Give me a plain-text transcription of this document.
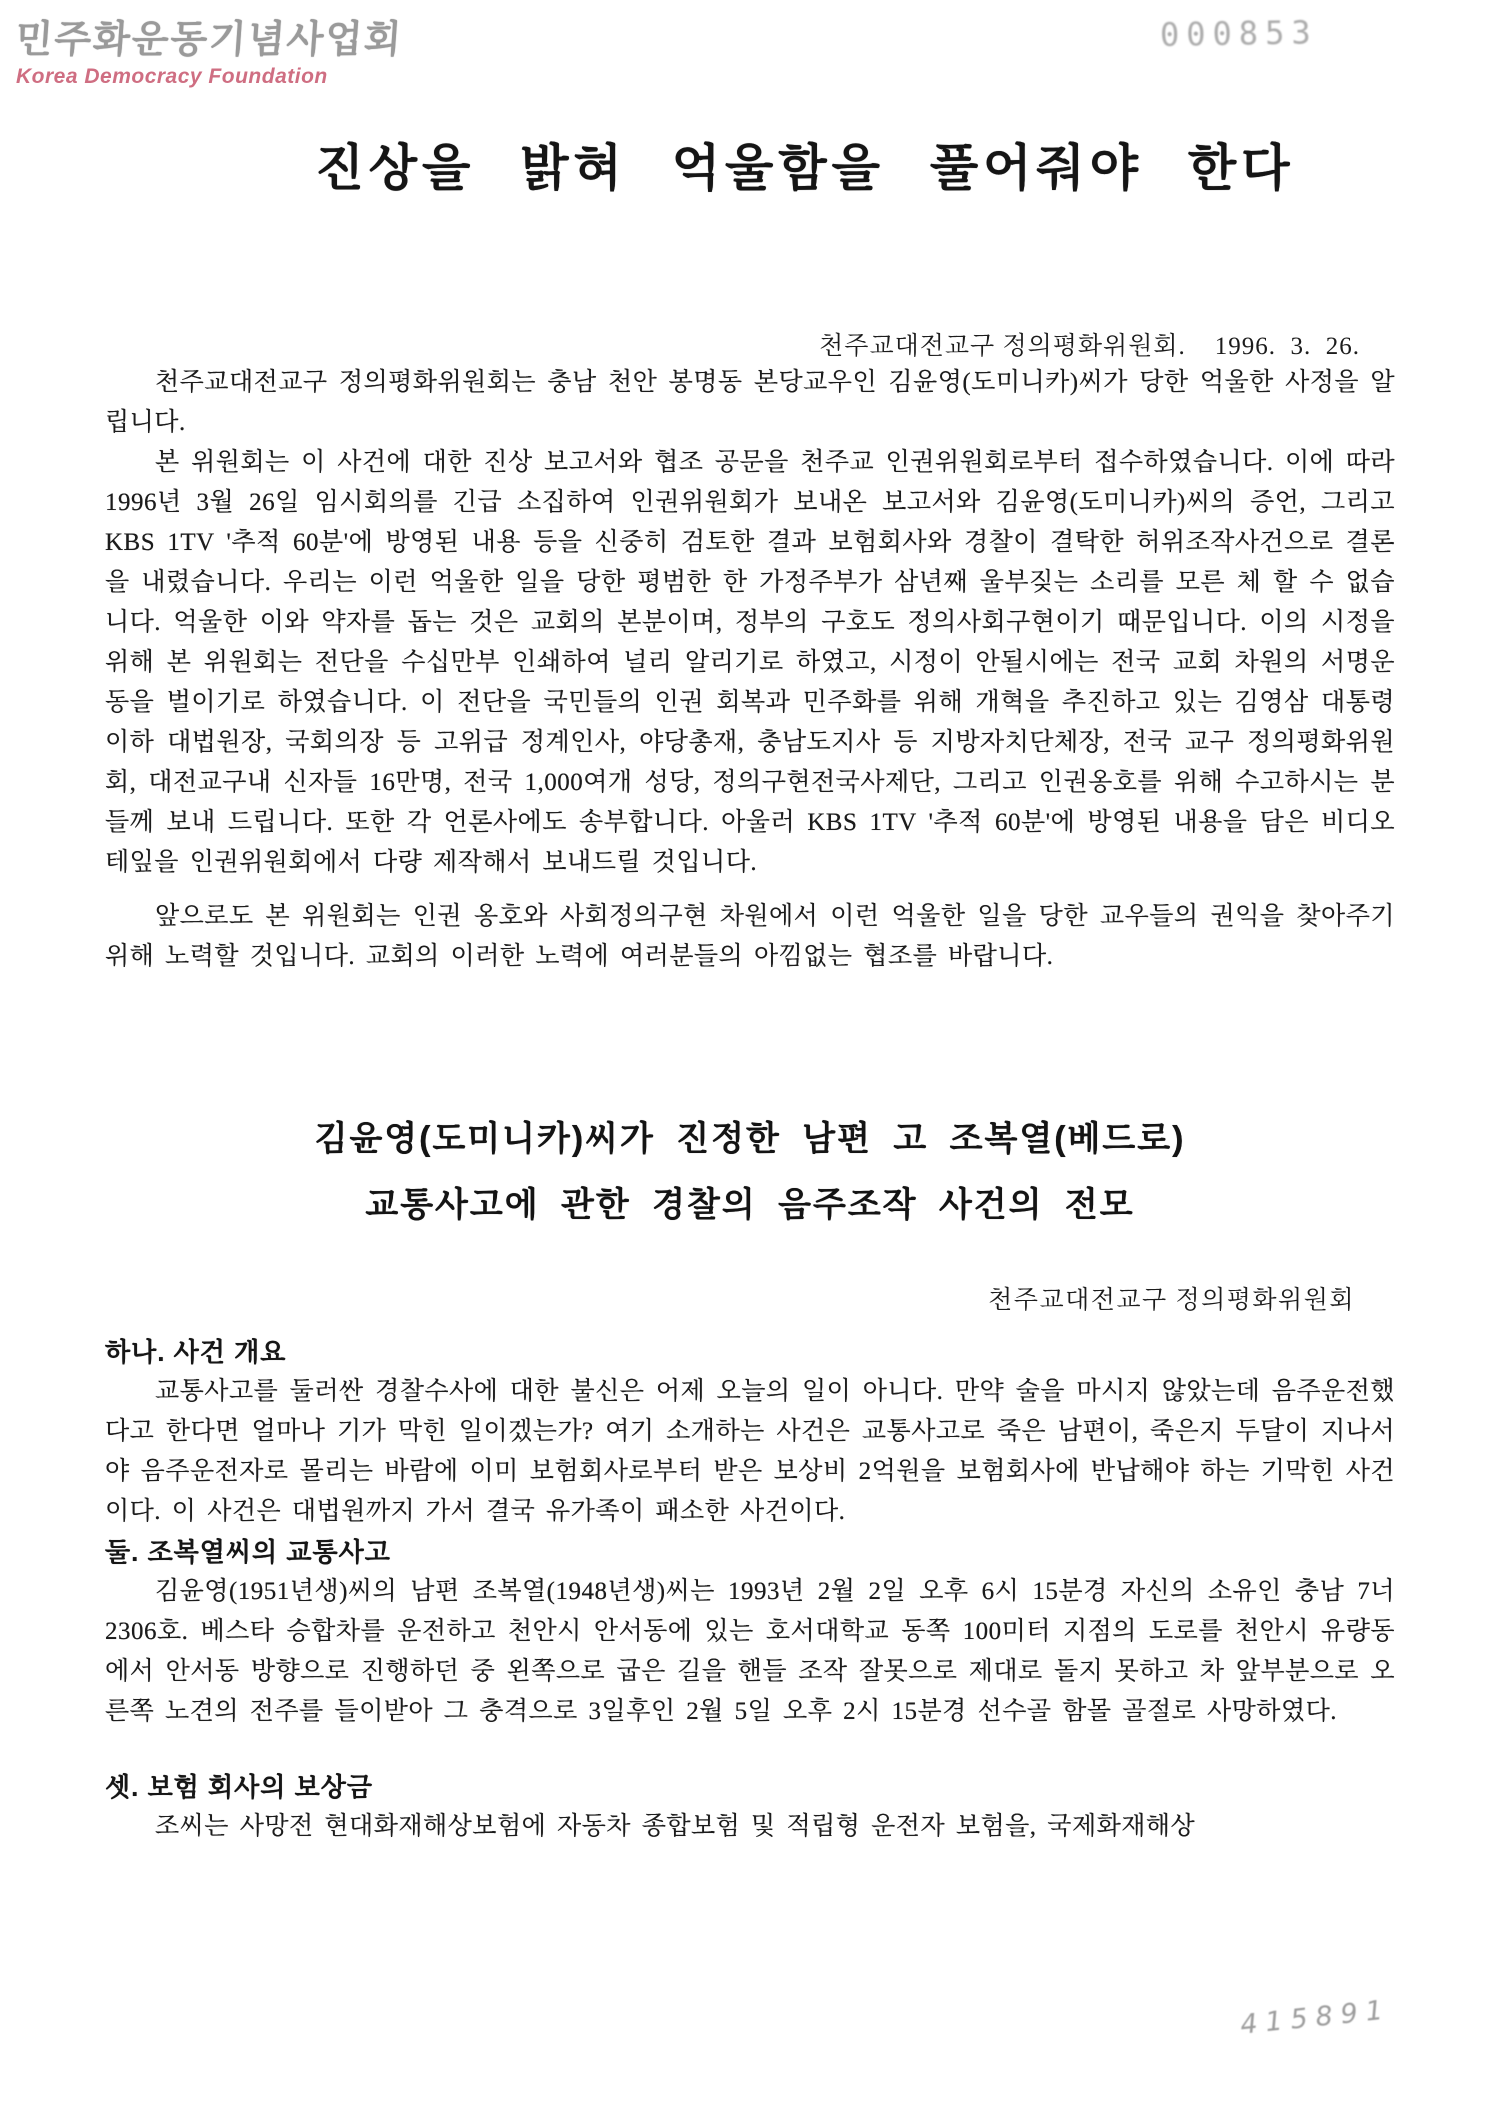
민주화운동기념사업회
Korea Democracy Foundation
000853
진상을 밝혀 억울함을 풀어줘야 한다
천주교대전교구 정의평화위원회.    1996.  3.  26.

천주교대전교구 정의평화위원회는 충남 천안 봉명동 본당교우인 김윤영(도미니카)씨가 당한 억울한 사정을 알립니다.

본 위원회는 이 사건에 대한 진상 보고서와 협조 공문을 천주교 인권위원회로부터 접수하였습니다. 이에 따라 1996년 3월 26일 임시회의를 긴급 소집하여 인권위원회가 보내온 보고서와 김윤영(도미니카)씨의 증언, 그리고 KBS 1TV '추적 60분'에 방영된 내용 등을 신중히 검토한 결과 보험회사와 경찰이 결탁한 허위조작사건으로 결론을 내렸습니다. 우리는 이런 억울한 일을 당한 평범한 한 가정주부가 삼년째 울부짖는 소리를 모른 체 할 수 없습니다. 억울한 이와 약자를 돕는 것은 교회의 본분이며, 정부의 구호도 정의사회구현이기 때문입니다. 이의 시정을 위해 본 위원회는 전단을 수십만부 인쇄하여 널리 알리기로 하였고, 시정이 안될시에는 전국 교회 차원의 서명운동을 벌이기로 하였습니다. 이 전단을 국민들의 인권 회복과 민주화를 위해 개혁을 추진하고 있는 김영삼 대통령 이하 대법원장, 국회의장 등 고위급 정계인사, 야당총재, 충남도지사 등 지방자치단체장, 전국 교구 정의평화위원회, 대전교구내 신자들 16만명, 전국 1,000여개 성당, 정의구현전국사제단, 그리고 인권옹호를 위해 수고하시는 분들께 보내 드립니다. 또한 각 언론사에도 송부합니다. 아울러 KBS 1TV '추적 60분'에 방영된 내용을 담은 비디오테잎을 인권위원회에서 다량 제작해서 보내드릴 것입니다.

앞으로도 본 위원회는 인권 옹호와 사회정의구현 차원에서 이런 억울한 일을 당한 교우들의 권익을 찾아주기 위해 노력할 것입니다. 교회의 이러한 노력에 여러분들의 아낌없는 협조를 바랍니다.

김윤영(도미니카)씨가 진정한 남편 고 조복열(베드로)
교통사고에 관한 경찰의 음주조작 사건의 전모
천주교대전교구 정의평화위원회
하나. 사건 개요

교통사고를 둘러싼 경찰수사에 대한 불신은 어제 오늘의 일이 아니다. 만약 술을 마시지 않았는데 음주운전했다고 한다면 얼마나 기가 막힌 일이겠는가? 여기 소개하는 사건은 교통사고로 죽은 남편이, 죽은지 두달이 지나서야 음주운전자로 몰리는 바람에 이미 보험회사로부터 받은 보상비 2억원을 보험회사에 반납해야 하는 기막힌 사건이다. 이 사건은 대법원까지 가서 결국 유가족이 패소한 사건이다.

둘. 조복열씨의 교통사고

김윤영(1951년생)씨의 남편 조복열(1948년생)씨는 1993년 2월 2일 오후 6시 15분경 자신의 소유인 충남 7너 2306호. 베스타 승합차를 운전하고 천안시 안서동에 있는 호서대학교 동쪽 100미터 지점의 도로를 천안시 유량동에서 안서동 방향으로 진행하던 중 왼쪽으로 굽은 길을 핸들 조작 잘못으로 제대로 돌지 못하고 차 앞부분으로 오른쪽 노견의 전주를 들이받아 그 충격으로 3일후인 2월 5일 오후 2시 15분경 선수골 함몰 골절로 사망하였다.

셋. 보험 회사의 보상금

조씨는 사망전 현대화재해상보험에 자동차 종합보험 및 적립형 운전자 보험을, 국제화재해상

415891
